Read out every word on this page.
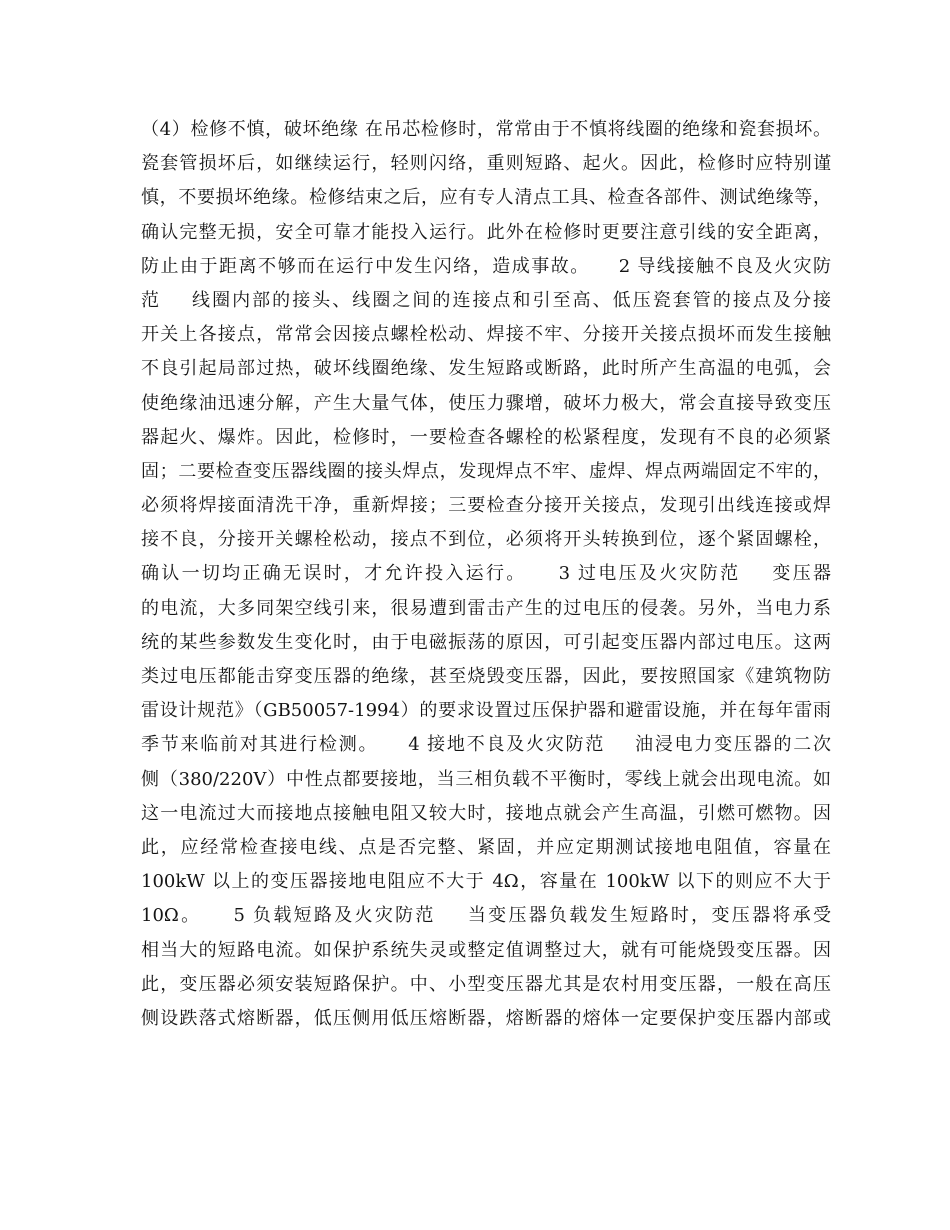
（4）检修不慎，破坏绝缘 在吊芯检修时，常常由于不慎将线圈的绝缘和瓷套损坏。
瓷套管损坏后，如继续运行，轻则闪络，重则短路、起火。因此，检修时应特别谨
慎，不要损坏绝缘。检修结束之后，应有专人清点工具、检查各部件、测试绝缘等，
确认完整无损，安全可靠才能投入运行。此外在检修时更要注意引线的安全距离，
防止由于距离不够而在运行中发生闪络，造成事故。    2 导线接触不良及火灾防
范    线圈内部的接头、线圈之间的连接点和引至高、低压瓷套管的接点及分接
开关上各接点，常常会因接点螺栓松动、焊接不牢、分接开关接点损坏而发生接触
不良引起局部过热，破坏线圈绝缘、发生短路或断路，此时所产生高温的电弧，会
使绝缘油迅速分解，产生大量气体，使压力骤增，破坏力极大，常会直接导致变压
器起火、爆炸。因此，检修时，一要检查各螺栓的松紧程度，发现有不良的必须紧
固；二要检查变压器线圈的接头焊点，发现焊点不牢、虚焊、焊点两端固定不牢的，
必须将焊接面清洗干净，重新焊接；三要检查分接开关接点，发现引出线连接或焊
接不良，分接开关螺栓松动，接点不到位，必须将开头转换到位，逐个紧固螺栓，
确认一切均正确无误时，才允许投入运行。    3 过电压及火灾防范    变压器
的电流，大多同架空线引来，很易遭到雷击产生的过电压的侵袭。另外，当电力系
统的某些参数发生变化时，由于电磁振荡的原因，可引起变压器内部过电压。这两
类过电压都能击穿变压器的绝缘，甚至烧毁变压器，因此，要按照国家《建筑物防
雷设计规范》（GB50057-1994）的要求设置过压保护器和避雷设施，并在每年雷雨
季节来临前对其进行检测。    4 接地不良及火灾防范    油浸电力变压器的二次
侧（380/220V）中性点都要接地，当三相负载不平衡时，零线上就会出现电流。如
这一电流过大而接地点接触电阻又较大时，接地点就会产生高温，引燃可燃物。因
此，应经常检查接电线、点是否完整、紧固，并应定期测试接地电阻值，容量在
100kW 以上的变压器接地电阻应不大于 4Ω，容量在 100kW 以下的则应不大于
10Ω。    5 负载短路及火灾防范    当变压器负载发生短路时，变压器将承受
相当大的短路电流。如保护系统失灵或整定值调整过大，就有可能烧毁变压器。因
此，变压器必须安装短路保护。中、小型变压器尤其是农村用变压器，一般在高压
侧设跌落式熔断器，低压侧用低压熔断器，熔断器的熔体一定要保护变压器内部或
